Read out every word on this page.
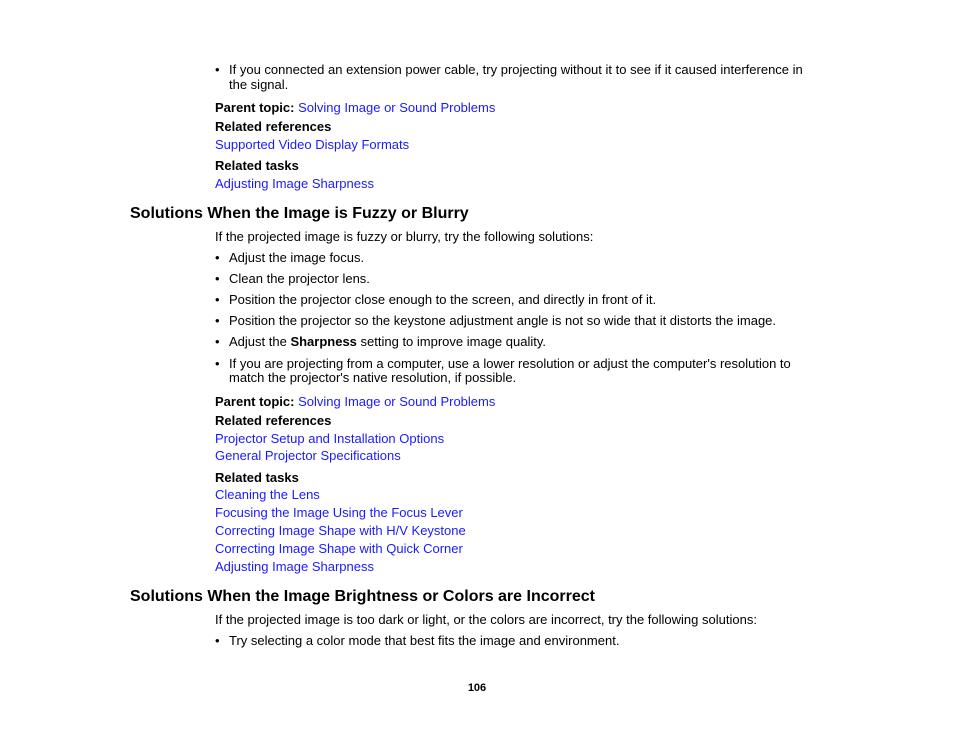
• If you connected an extension power cable, try projecting without it to see if it caused interference in
the signal.
Parent topic: Solving Image or Sound Problems
Related references
Supported Video Display Formats
Related tasks
Adjusting Image Sharpness
Solutions When the Image is Fuzzy or Blurry
If the projected image is fuzzy or blurry, try the following solutions:
• Adjust the image focus.
• Clean the projector lens.
• Position the projector close enough to the screen, and directly in front of it.
• Position the projector so the keystone adjustment angle is not so wide that it distorts the image.
• Adjust the Sharpness setting to improve image quality.
• If you are projecting from a computer, use a lower resolution or adjust the computer's resolution to
match the projector's native resolution, if possible.
Parent topic: Solving Image or Sound Problems
Related references
Projector Setup and Installation Options
General Projector Specifications
Related tasks
Cleaning the Lens
Focusing the Image Using the Focus Lever
Correcting Image Shape with H/V Keystone
Correcting Image Shape with Quick Corner
Adjusting Image Sharpness
Solutions When the Image Brightness or Colors are Incorrect
If the projected image is too dark or light, or the colors are incorrect, try the following solutions:
• Try selecting a color mode that best fits the image and environment.
106
